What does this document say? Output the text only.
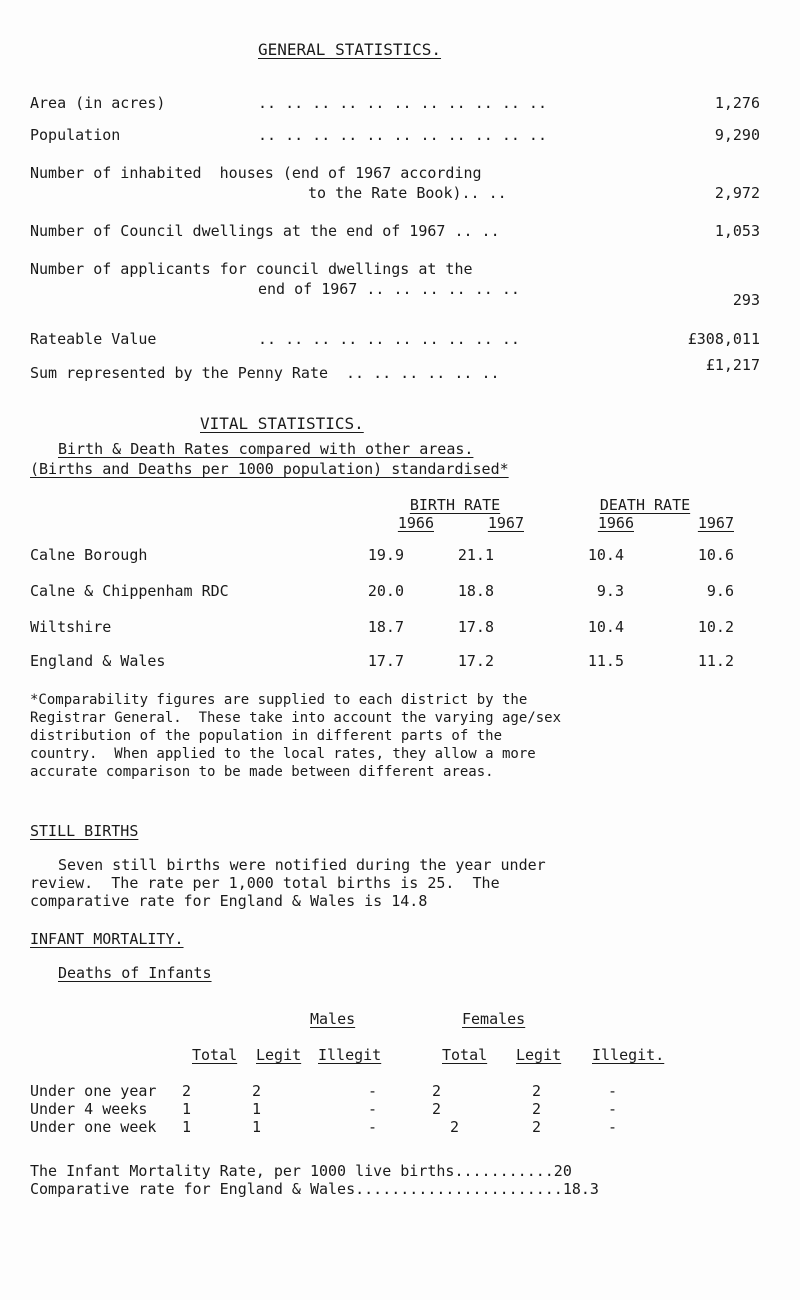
GENERAL STATISTICS.
Area (in acres)	.. .. .. .. .. .. .. .. .. .. ..	1,276
Population	.. .. .. .. .. .. .. .. .. .. ..	9,290
Number of inhabited  houses (end of 1967 according
to the Rate Book).. ..	2,972
Number of Council dwellings at the end of 1967 .. ..	1,053
Number of applicants for council dwellings at the
end of 1967 .. .. .. .. .. ..
293
Rateable Value	.. .. .. .. .. .. .. .. .. ..	£308,011
Sum represented by the Penny Rate .. .. .. .. .. ..	£1,217
VITAL STATISTICS.
Birth & Death Rates compared with other areas.
(Births and Deaths per 1000 population) standardised*
BIRTH RATE	DEATH RATE
1966	1967	1966	1967
Calne Borough	19.9	21.1	10.4	10.6
Calne & Chippenham RDC	20.0	18.8	9.3	9.6
Wiltshire	18.7	17.8	10.4	10.2
England & Wales	17.7	17.2	11.5	11.2
*Comparability figures are supplied to each district by the
Registrar General.  These take into account the varying age/sex
distribution of the population in different parts of the
country.  When applied to the local rates, they allow a more
accurate comparison to be made between different areas.
STILL BIRTHS
Seven still births were notified during the year under
review.  The rate per 1,000 total births is 25.  The
comparative rate for England & Wales is 14.8
INFANT MORTALITY.
Deaths of Infants
Males	Females
Total Legit Illegit	Total Legit Illegit.
Under one year 2	2	-	2	2	-
Under 4 weeks 1	1	-	2	2	-
Under one week 1	1	-	2	2	-
The Infant Mortality Rate, per 1000 live births...........20
Comparative rate for England & Wales.......................18.3
